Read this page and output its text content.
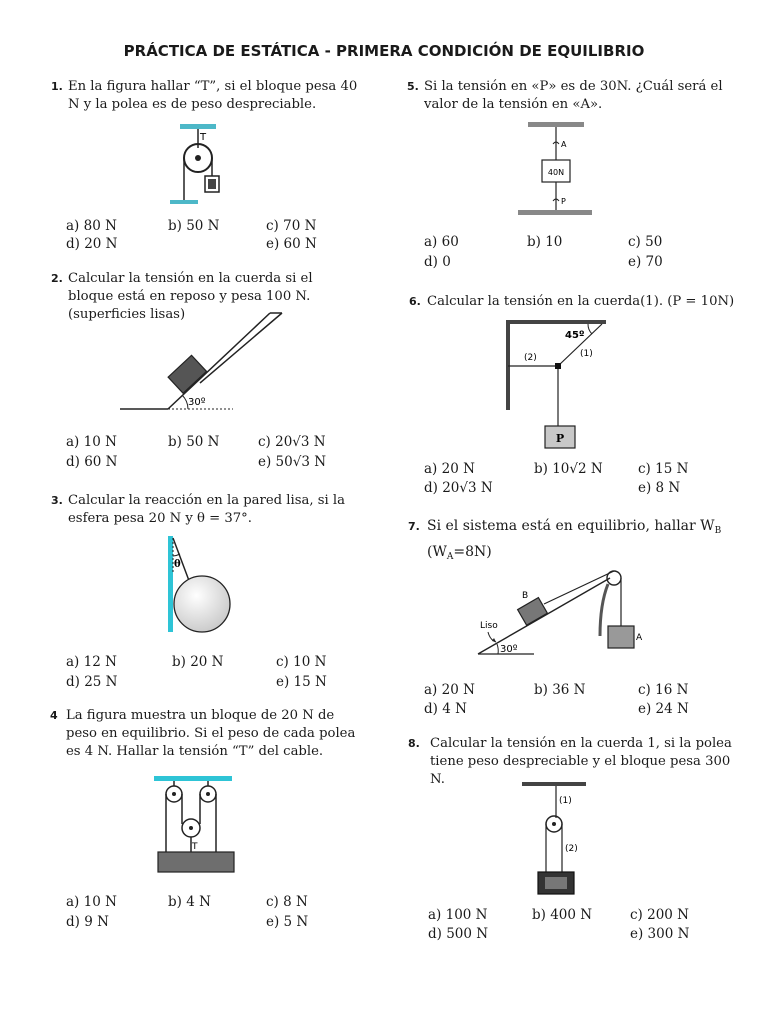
PRÁCTICA DE ESTÁTICA - PRIMERA CONDICIÓN DE EQUILIBRIO
1. En la figura hallar “T”, si el bloque pesa 40 N y la polea es de peso despreciable.
T
a) 80 N	b) 50 N	c) 70 N
d) 20 N	e) 60 N
2. Calcular la tensión en la cuerda si el bloque está en reposo y pesa 100 N. (superficies lisas)
30º
a) 10 N	b) 50 N	c) 20√3 N
d) 60 N	e) 50√3 N
3. Calcular la reacción en la pared lisa, si la esfera pesa 20 N y θ = 37°.
θ
a) 12 N	b) 20 N	c) 10 N
d) 25 N	e) 15 N
4 La figura muestra un bloque de 20 N de peso en equilibrio. Si el peso de cada polea es 4 N. Hallar la tensión “T” del cable.
T
a) 10 N	b) 4 N	c) 8 N
d) 9 N	e) 5 N
5. Si la tensión en «P» es de 30N. ¿Cuál será el valor de la tensión en «A».
A
40N
P
a) 60	b) 10	c) 50
d) 0	e) 70
6. Calcular la tensión en la cuerda(1). (P = 10N)
45º
(2)	(1)
P
a) 20 N	b) 10√2 N	c) 15 N
d) 20√3 N	e) 8 N
7. Si el sistema está en equilibrio, hallar $W_B$
$(W_A=8N)$
B
A
Liso
30º
a) 20 N	b) 36 N	c) 16 N
d) 4 N	e) 24 N
8. Calcular la tensión en la cuerda 1, si la polea tiene peso despreciable y el bloque pesa 300 N.
(1)
(2)
a) 100 N	b) 400 N	c) 200 N
d) 500 N	e) 300 N
